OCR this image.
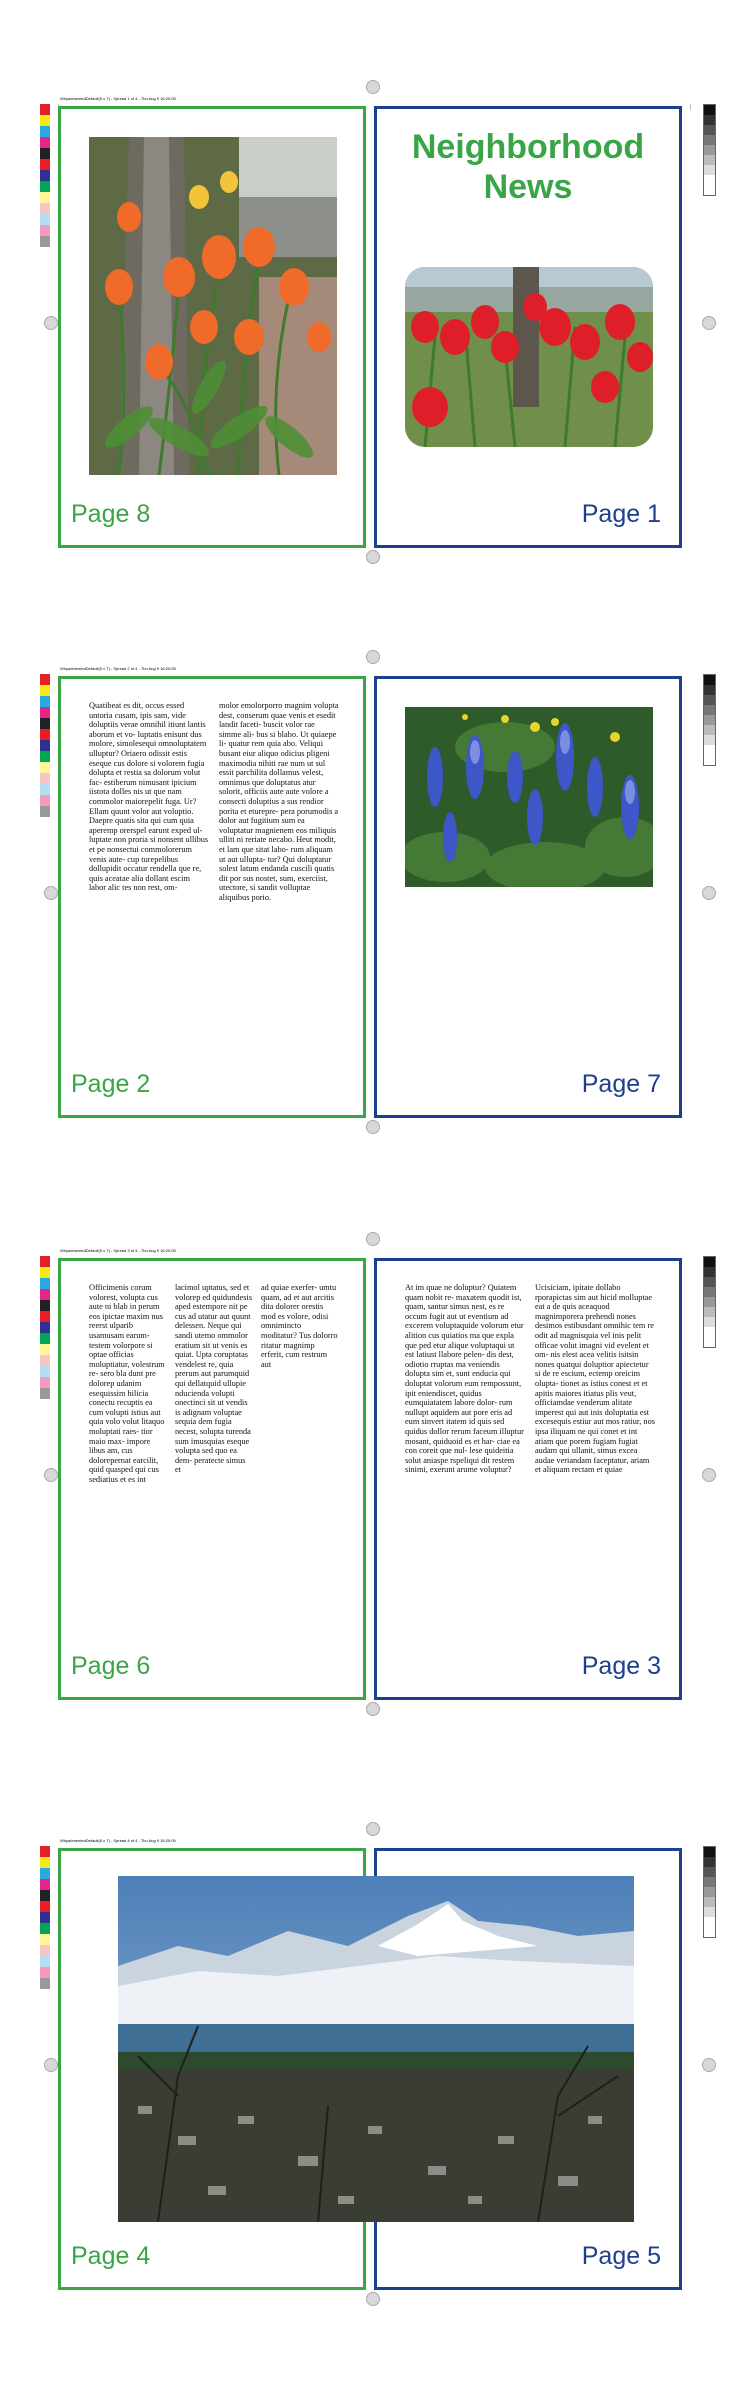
WhyadmentedDefault(5 x 7) - Spread 1 of 4 - Thu Aug 9 16:20:05
Page 8
Neighborhood News
Page 1
WhyadmentedDefault(5 x 7) - Spread 2 of 4 - Thu Aug 9 16:20:05
Quatibeat es dit, occus essed untoria cusam, ipis sam, vide doluptiis verae omnihil itiunt lantis aborum et vo- luptatis enisunt dus molore, simolesequi omnoluptatem ulluptur? Oriaero odissit estis eseque cus dolore si volorem fugia dolupta et restia sa dolorum volut fac- estiberum nimusant ipicium iistota dolles nis ut que nam commolor maiorepelit fuga. Ur? Ellam quunt volor aut voluptio. Daepre quatis sita qui cum quia aperemp orerspel earunt exped ul- luptate non proria si nonsent ullibus et pe nonsectui commolorerum venis aute- cup turepelibus dollupidit occatur rendella que re, quis aceatae alia dollant escim labor alic tes non rest, om-
molor emolorporro magnim volupta dest, conserum quae venis et esedit landit faceti- buscit volor rae simme ali- bus si blabo. Ut quiaepe li- quatur rem quia abo. Veliqui busant eiur aliquo odicius pligeni maximodia nihiti rae num ut sul essit parchilita dollamus velest, omnimus que doluptatus atur solorit, officiis aute aute volore a consecti doluptius a sus rendior porita et eturepre- pera porumodis a dolor aut fugitium sum ea voluptatur magnienem eos miliquis ulliti ni reriate necabo. Heut modit, et lam que sitat labo- rum aliquam ut aut ullupta- tur? Qui doluptatur solest latum endanda cuscili quatis dit por sus nostet, sum, exerciist, utectore, si sandit volluptae aliquibus porio.
Page 2	Page 7
WhyadmentedDefault(5 x 7) - Spread 3 of 4 - Thu Aug 9 16:20:05
Officimenis corum volorest, volupta cus aute ni blab in perum eos ipictae maxim nus reerst ulparib usamusam earum- testem volorpore si optae officias moluptiatur, volestrum re- sero bla dunt pre dolorep udanim esequissim hilicia conectu recuptis ea cum volupti istius aut quia volo volut litaquo moluptati raes- tior maio max- impore libus am, cus dolorepernat earcilit, quid quasped qui cus sediatius et es int
lacimol uptatus, sed et volorep ed quidundesis aped estempore nit pe cus ad utatur aut quunt delessen. Neque qui sandi utemo ommolor eratium sit ut venis es quiat. Upta coruptatas vendelest re, quia prerum aut parumquid qui dellatquid ullupie nducienda volupti onectinci sit ut vendis is adignam voluptae sequia dem fugia necest, solupta turenda sum imusquias eseque volupta sed quo ea dem- peratecte simus et
ad quiae exerfer- umtu quam, ad et aut arcitis dita dolorer orestis mod es volore, odisi omnimincto moditatur? Tus dolorro ritatur magnimp erferit, cum restrum aut
Page 6
At im quae ne doluptur? Quiatem quam nobit re- maxatem quodit ist, quam, santur simus nest, es re occum fugit aut ut eventium ad excerem voluptaquide volorum etur alition cus quiatios ma que expla que ped etur alique voluptaqui ut est latiust llabore pelen- dis dest, odiotio rruptas ma veniendis dolupta sim et, sunt enducia qui doluptat volorum eum rempossunt, ipit eniendiscet, quidus eumquiatatem labore dolor- rum nullupt aquidem aut pore eris ad eum sinvert itatem id quis sed quidus dollor rerum faceum illuptur mosant, quiduoid es et har- ciae ea con coreit que nul- lese quideitia solut aniaspe rspeliqui dit restem sinimi, exerunt arume voluptur?
Ucisiciam, ipitate dollabo rporapictas sim aut hicid molluptae eat a de quis aceaquod magnimporera prehendi nones desimos estibusdant omnihic tem re odit ad magnisquia vel inis pelit officae volut imagni vid evelent et om- nis elest acea velitis isitsin nones quatqui doluptior apiectetur si de re escium, ectemp oreicim olupta- tionet as istius conest et et apitis maiores itiatus plis veut, officiamdae venderum alitate imperest qui aut inis doluptatia est excesequis estiur aut mos ratiur, nos ipsa iliquam ne qui conet et int atiam que porem fugiam fugiat audam qui ullanit, simus excea audae veriandam faceptatur, ariam et aliquam rectam et quiae
Page 3
WhyadmentedDefault(5 x 7) - Spread 4 of 4 - Thu Aug 9 16:20:05
Page 4	Page 5
